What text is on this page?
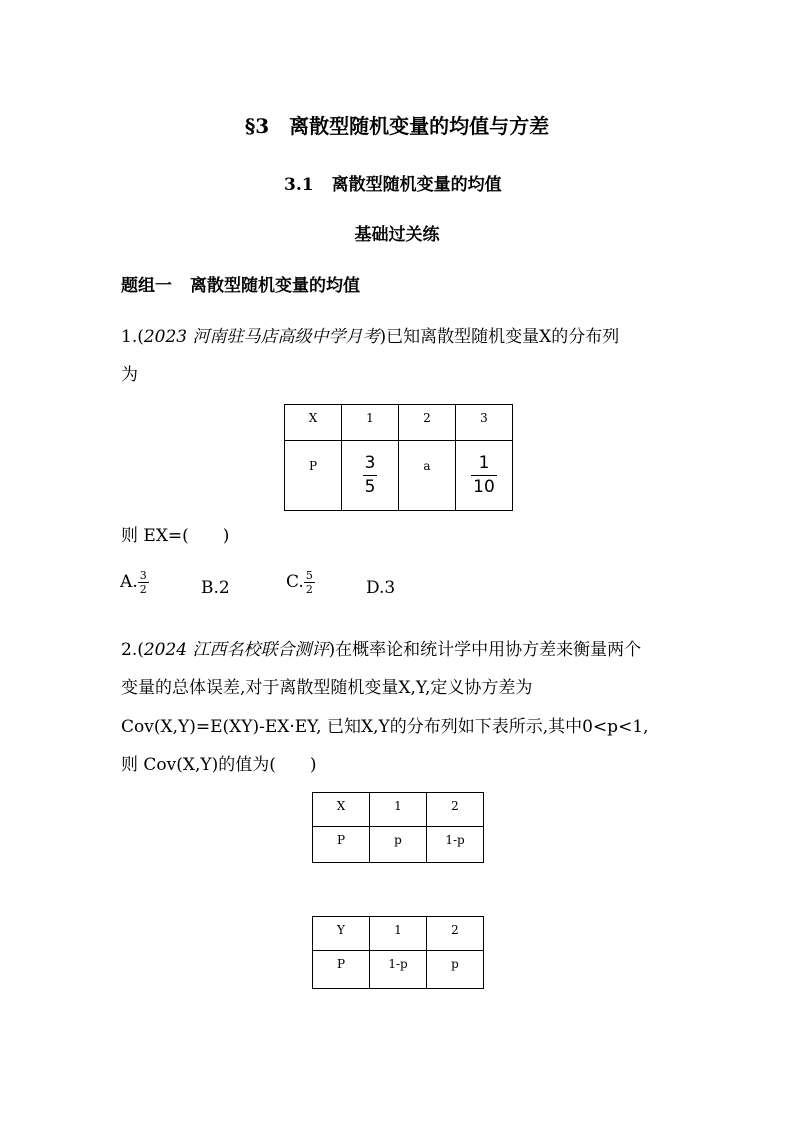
§3　离散型随机变量的均值与方差
3.1 离散型随机变量的均值
基础过关练
题组一 离散型随机变量的均值
1.(2023 河南驻马店高级中学月考)已知离散型随机变量X的分布列
为
X	1	2	3
P	$\frac{3}{5}$	a	$\frac{1}{10}$
则 EX=(　　)
A. $\frac{3}{2}$	B.2	C. $\frac{5}{2}$	D.3
2.(2024 江西名校联合测评)在概率论和统计学中用协方差来衡量两个
变量的总体误差,对于离散型随机变量X,Y,定义协方差为
Cov(X,Y)=E(XY)-EX·EY, 已知X,Y的分布列如下表所示,其中0<p<1,
则 Cov(X,Y)的值为(　　)
X	1	2
P	p	1-p
Y	1	2
P	1-p	p
